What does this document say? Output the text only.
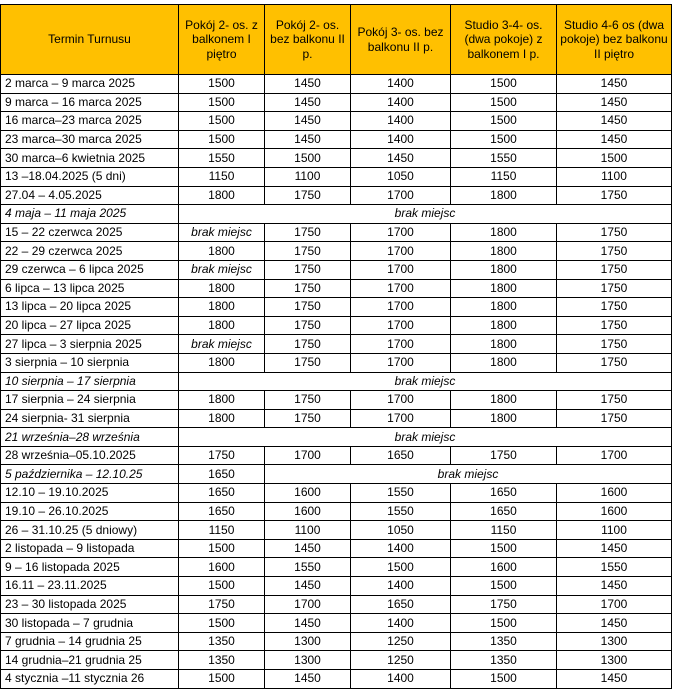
Termin Turnusu	Pokój 2- os. z balkonem I piętro	Pokój 2- os. bez balkonu II p.	Pokój 3- os. bez balkonu II p.	Studio 3-4- os. (dwa pokoje) z balkonem I p.	Studio 4-6 os (dwa pokoje) bez balkonu II piętro
2 marca – 9 marca 2025	1500	1450	1400	1500	1450
9 marca – 16 marca 2025	1500	1450	1400	1500	1450
16 marca–23 marca 2025	1500	1450	1400	1500	1450
23 marca–30 marca 2025	1500	1450	1400	1500	1450
30 marca–6 kwietnia 2025	1550	1500	1450	1550	1500
13 –18.04.2025 (5 dni)	1150	1100	1050	1150	1100
27.04 – 4.05.2025	1800	1750	1700	1800	1750
4 maja – 11 maja 2025	brak miejsc				
15 – 22 czerwca 2025	brak miejsc	1750	1700	1800	1750
22 – 29 czerwca 2025	1800	1750	1700	1800	1750
29 czerwca – 6 lipca 2025	brak miejsc	1750	1700	1800	1750
6 lipca – 13 lipca 2025	1800	1750	1700	1800	1750
13 lipca – 20 lipca 2025	1800	1750	1700	1800	1750
20 lipca – 27 lipca 2025	1800	1750	1700	1800	1750
27 lipca – 3 sierpnia 2025	brak miejsc	1750	1700	1800	1750
3 sierpnia – 10 sierpnia	1800	1750	1700	1800	1750
10 sierpnia – 17 sierpnia	brak miejsc				
17 sierpnia – 24 sierpnia	1800	1750	1700	1800	1750
24 sierpnia- 31 sierpnia	1800	1750	1700	1800	1750
21 września–28 września	brak miejsc				
28 września–05.10.2025	1750	1700	1650	1750	1700
5 października – 12.10.25	1650	brak miejsc			
12.10 – 19.10.2025	1650	1600	1550	1650	1600
19.10 – 26.10.2025	1650	1600	1550	1650	1600
26 – 31.10.25 (5 dniowy)	1150	1100	1050	1150	1100
2 listopada – 9 listopada	1500	1450	1400	1500	1450
9 – 16 listopada 2025	1600	1550	1500	1600	1550
16.11 – 23.11.2025	1500	1450	1400	1500	1450
23 – 30 listopada 2025	1750	1700	1650	1750	1700
30 listopada – 7 grudnia	1500	1450	1400	1500	1450
7 grudnia – 14 grudnia 25	1350	1300	1250	1350	1300
14 grudnia–21 grudnia 25	1350	1300	1250	1350	1300
4 stycznia –11 stycznia 26	1500	1450	1400	1500	1450
